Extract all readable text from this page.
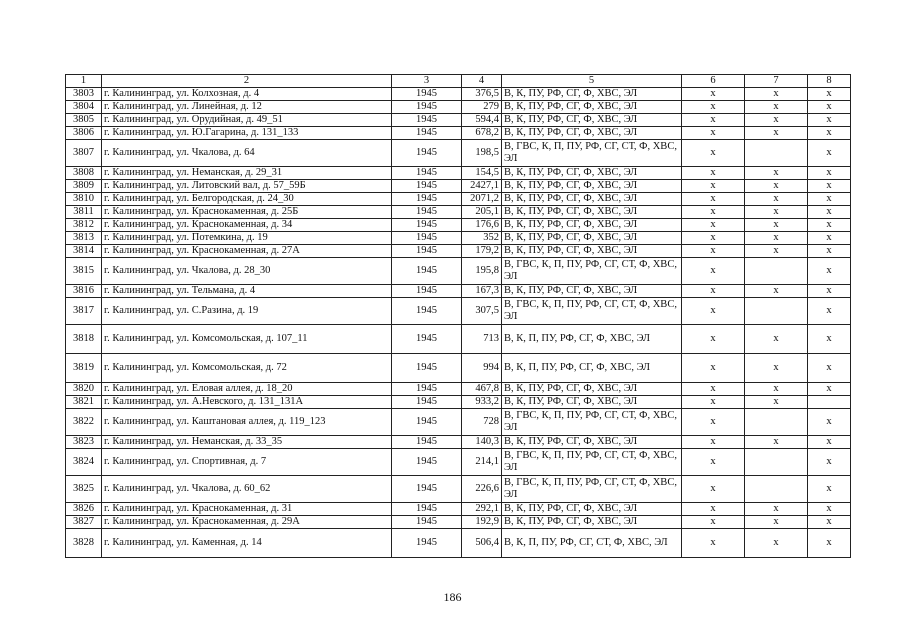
1	2	3	4	5	6	7	8
3803	г. Калининград, ул. Колхозная, д. 4	1945	376,5	В, К, ПУ, РФ, СГ, Ф, ХВС, ЭЛ	x	x	x
3804	г. Калининград, ул. Линейная, д. 12	1945	279	В, К, ПУ, РФ, СГ, Ф, ХВС, ЭЛ	x	x	x
3805	г. Калининград, ул. Орудийная, д. 49_51	1945	594,4	В, К, ПУ, РФ, СГ, Ф, ХВС, ЭЛ	x	x	x
3806	г. Калининград, ул. Ю.Гагарина, д. 131_133	1945	678,2	В, К, ПУ, РФ, СГ, Ф, ХВС, ЭЛ	x	x	x
3807	г. Калининград, ул. Чкалова, д. 64	1945	198,5	В, ГВС, К, П, ПУ, РФ, СГ, СТ, Ф, ХВС, ЭЛ	x		x
3808	г. Калининград, ул. Неманская, д. 29_31	1945	154,5	В, К, ПУ, РФ, СГ, Ф, ХВС, ЭЛ	x	x	x
3809	г. Калининград, ул. Литовский вал, д. 57_59Б	1945	2427,1	В, К, ПУ, РФ, СГ, Ф, ХВС, ЭЛ	x	x	x
3810	г. Калининград, ул. Белгородская, д. 24_30	1945	2071,2	В, К, ПУ, РФ, СГ, Ф, ХВС, ЭЛ	x	x	x
3811	г. Калининград, ул. Краснокаменная, д. 25Б	1945	205,1	В, К, ПУ, РФ, СГ, Ф, ХВС, ЭЛ	x	x	x
3812	г. Калининград, ул. Краснокаменная, д. 34	1945	176,6	В, К, ПУ, РФ, СГ, Ф, ХВС, ЭЛ	x	x	x
3813	г. Калининград, ул. Потемкина, д. 19	1945	352	В, К, ПУ, РФ, СГ, Ф, ХВС, ЭЛ	x	x	x
3814	г. Калининград, ул. Краснокаменная, д. 27А	1945	179,2	В, К, ПУ, РФ, СГ, Ф, ХВС, ЭЛ	x	x	x
3815	г. Калининград, ул. Чкалова, д. 28_30	1945	195,8	В, ГВС, К, П, ПУ, РФ, СГ, СТ, Ф, ХВС, ЭЛ	x		x
3816	г. Калининград, ул. Тельмана, д. 4	1945	167,3	В, К, ПУ, РФ, СГ, Ф, ХВС, ЭЛ	x	x	x
3817	г. Калининград, ул. С.Разина, д. 19	1945	307,5	В, ГВС, К, П, ПУ, РФ, СГ, СТ, Ф, ХВС, ЭЛ	x		x
3818	г. Калининград, ул. Комсомольская, д. 107_11	1945	713	В, К, П, ПУ, РФ, СГ, Ф, ХВС, ЭЛ	x	x	x
3819	г. Калининград, ул. Комсомольская, д. 72	1945	994	В, К, П, ПУ, РФ, СГ, Ф, ХВС, ЭЛ	x	x	x
3820	г. Калининград, ул. Еловая аллея, д. 18_20	1945	467,8	В, К, ПУ, РФ, СГ, Ф, ХВС, ЭЛ	x	x	x
3821	г. Калининград, ул. А.Невского, д. 131_131А	1945	933,2	В, К, ПУ, РФ, СГ, Ф, ХВС, ЭЛ	x	x	
3822	г. Калининград, ул. Каштановая аллея, д. 119_123	1945	728	В, ГВС, К, П, ПУ, РФ, СГ, СТ, Ф, ХВС, ЭЛ	x		x
3823	г. Калининград, ул. Неманская, д. 33_35	1945	140,3	В, К, ПУ, РФ, СГ, Ф, ХВС, ЭЛ	x	x	x
3824	г. Калининград, ул. Спортивная, д. 7	1945	214,1	В, ГВС, К, П, ПУ, РФ, СГ, СТ, Ф, ХВС, ЭЛ	x		x
3825	г. Калининград, ул. Чкалова, д. 60_62	1945	226,6	В, ГВС, К, П, ПУ, РФ, СГ, СТ, Ф, ХВС, ЭЛ	x		x
3826	г. Калининград, ул. Краснокаменная, д. 31	1945	292,1	В, К, ПУ, РФ, СГ, Ф, ХВС, ЭЛ	x	x	x
3827	г. Калининград, ул. Краснокаменная, д. 29А	1945	192,9	В, К, ПУ, РФ, СГ, Ф, ХВС, ЭЛ	x	x	x
3828	г. Калининград, ул. Каменная, д. 14	1945	506,4	В, К, П, ПУ, РФ, СГ, СТ, Ф, ХВС, ЭЛ	x	x	x
186
